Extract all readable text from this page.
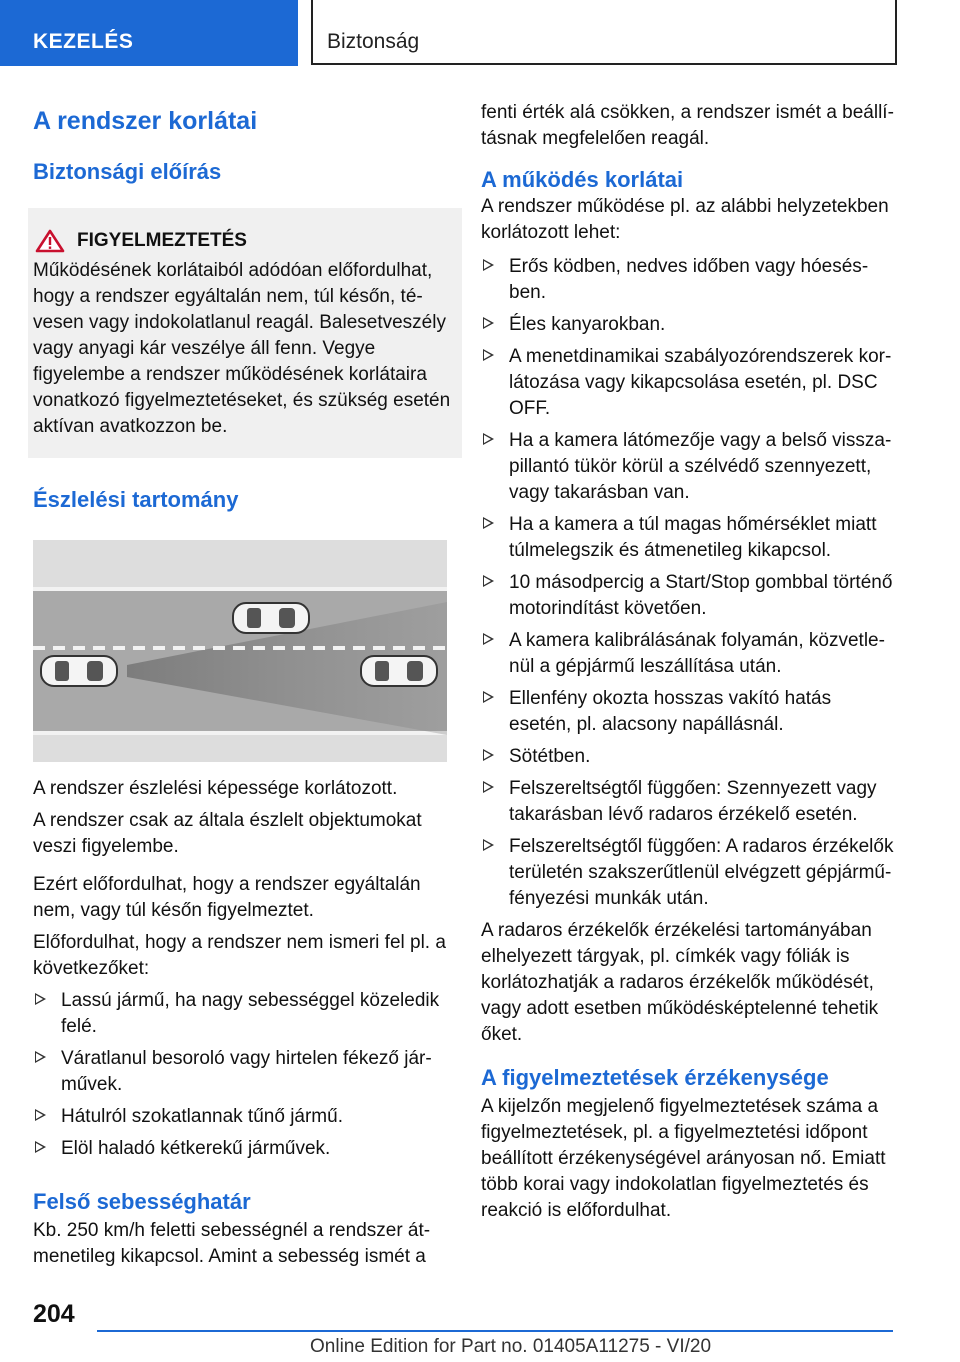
KEZELÉS	Biztonság
A rendszer korlátai
Biztonsági előírás
FIGYELMEZTETÉS

Működésének korlátaiból adódóan előfordulhat, hogy a rendszer egyáltalán nem, túl későn, tévesen vagy indokolatlanul reagál. Balesetveszély vagy anyagi kár veszélye áll fenn. Vegye figyelembe a rendszer működésének korlátaira vonatkozó figyelmeztetéseket, és szükség esetén aktívan avatkozzon be.

Észlelési tartomány

A rendszer észlelési képessége korlátozott.

A rendszer csak az általa észlelt objektumokat veszi figyelembe.

Ezért előfordulhat, hogy a rendszer egyáltalán nem, vagy túl későn figyelmeztet.

Előfordulhat, hogy a rendszer nem ismeri fel pl. a következőket:

Lassú jármű, ha nagy sebességgel közeledik felé.
Váratlanul besoroló vagy hirtelen fékező járművek.
Hátulról szokatlannak tűnő jármű.
Elöl haladó kétkerekű járművek.
Felső sebességhatár

Kb. 250 km/h feletti sebességnél a rendszer átmenetileg kikapcsol. Amint a sebesség ismét a

fenti érték alá csökken, a rendszer ismét a beállításnak megfelelően reagál.

A működés korlátai

A rendszer működése pl. az alábbi helyzetekben korlátozott lehet:

Erős ködben, nedves időben vagy hóesésben.
Éles kanyarokban.
A menetdinamikai szabályozórendszerek korlátozása vagy kikapcsolása esetén, pl. DSC OFF.
Ha a kamera látómezője vagy a belső visszapillantó tükör körül a szélvédő szennyezett, vagy takarásban van.
Ha a kamera a túl magas hőmérséklet miatt túlmelegszik és átmenetileg kikapcsol.
10 másodpercig a Start/Stop gombbal történő motorindítást követően.
A kamera kalibrálásának folyamán, közvetlenül a gépjármű leszállítása után.
Ellenfény okozta hosszas vakító hatás esetén, pl. alacsony napállásnál.
Sötétben.
Felszereltségtől függően: Szennyezett vagy takarásban lévő radaros érzékelő esetén.
Felszereltségtől függően: A radaros érzékelők területén szakszerűtlenül elvégzett gépjárműfényezési munkák után.

A radaros érzékelők érzékelési tartományában elhelyezett tárgyak, pl. címkék vagy fóliák is korlátozhatják a radaros érzékelők működését, vagy adott esetben működésképtelenné tehetik őket.

A figyelmeztetések érzékenysége

A kijelzőn megjelenő figyelmeztetések száma a figyelmeztetések, pl. a figyelmeztetési időpont beállított érzékenységével arányosan nő. Emiatt több korai vagy indokolatlan figyelmeztetés és reakció is előfordulhat.

204
Online Edition for Part no. 01405A11275 - VI/20
